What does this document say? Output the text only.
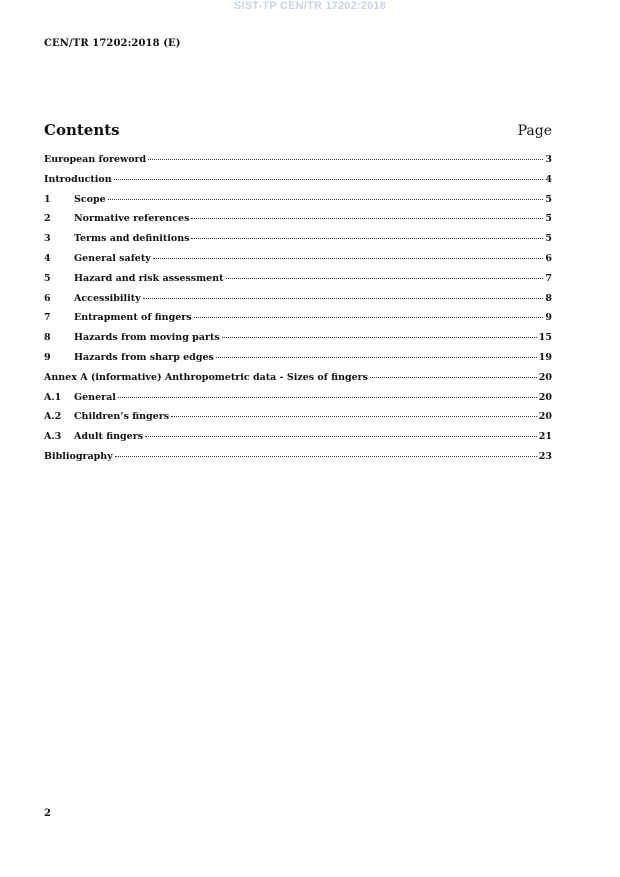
SIST-TP CEN/TR 17202:2018
CEN/TR 17202:2018 (E)
Contents	Page
European foreword	3
Introduction	4
1	Scope	5
2	Normative references	5
3	Terms and definitions	5
4	General safety	6
5	Hazard and risk assessment	7
6	Accessibility	8
7	Entrapment of fingers	9
8	Hazards from moving parts	15
9	Hazards from sharp edges	19
Annex A (informative) Anthropometric data - Sizes of fingers	20
A.1	General	20
A.2	Children’s fingers	20
A.3	Adult fingers	21
Bibliography	23
2
